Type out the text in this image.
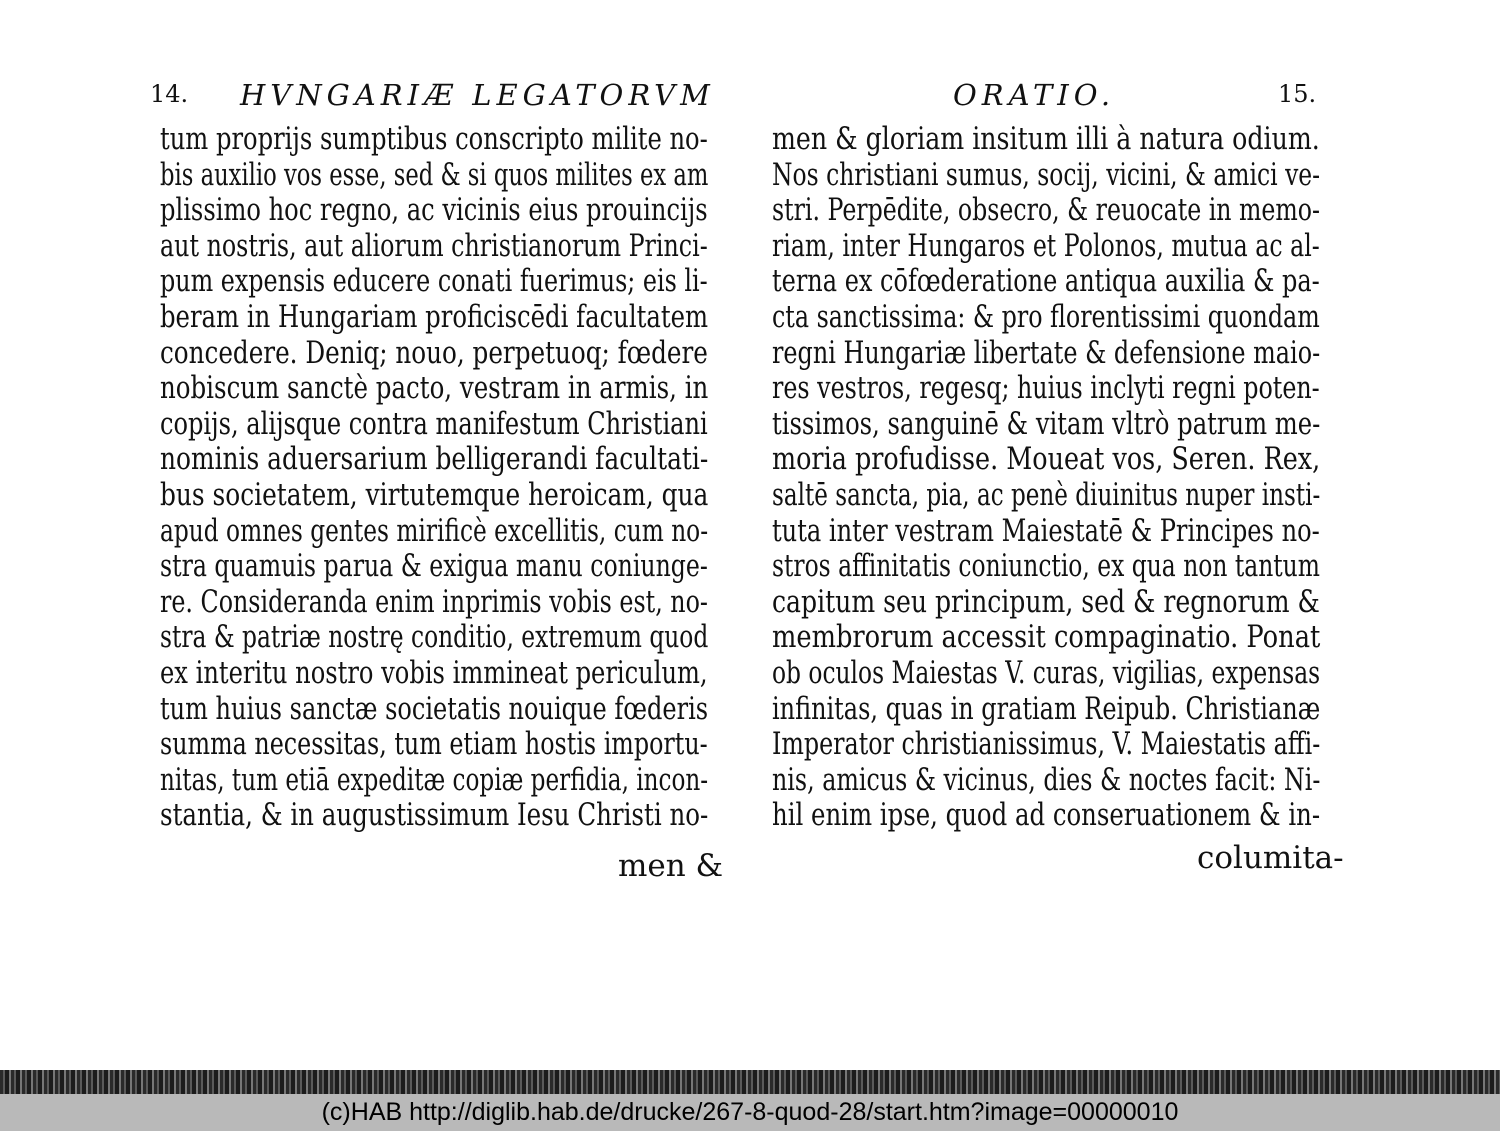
14. HVNGARIÆ LEGATORVM
tum proprijs sumptibus conscripto milite no-
bis auxilio vos esse, sed & si quos milites ex am
plissimo hoc regno, ac vicinis eius prouincijs
aut nostris, aut aliorum christianorum Princi-
pum expensis educere conati fuerimus; eis li-
beram in Hungariam proficiscēdi facultatem
concedere. Deniq; nouo, perpetuoq; fœdere
nobiscum sanctè pacto, vestram in armis, in
copijs, alijsque contra manifestum Christiani
nominis aduersarium belligerandi facultati-
bus societatem, virtutemque heroicam, qua
apud omnes gentes mirificè excellitis, cum no-
stra quamuis parua & exigua manu coniunge-
re. Considerandа enim inprimis vobis est, no-
stra & patriæ nostrę conditio, extremum quod
ex interitu nostro vobis immineat periculum,
tum huius sanctæ societatis nouique fœderis
summa necessitas, tum etiam hostis importu-
nitas, tum etiā expeditæ copiæ perfidia, incon-
stantia, & in augustissimum Iesu Christi no-
men &
ORATIO.	15.
men & gloriam insitum illi à natura odium.
Nos christiani sumus, socij, vicini, & amici ve-
stri. Perpēdite, obsecro, & reuocate in memo-
riam, inter Hungaros et Polonos, mutua ac al-
terna ex cōfœderatione antiqua auxilia & pa-
cta sanctissima: & pro florentissimi quondam
regni Hungariæ libertate & defensione maio-
res vestros, regesq; huius inclyti regni poten-
tissimos, sanguinē & vitam vltrò patrum me-
moria profudisse. Moueat vos, Seren. Rex,
saltē sancta, pia, ac penè diuinitus nuper insti-
tuta inter vestram Maiestatē & Principes no-
stros affinitatis coniunctio, ex qua non tantum
capitum seu principum, sed & regnorum &
membrorum accessit compaginatio. Ponat
ob oculos Maiestas V. curas, vigilias, expensas
infinitas, quas in gratiam Reipub. Christianæ
Imperator christianissimus, V. Maiestatis affi-
nis, amicus & vicinus, dies & noctes facit: Ni-
hil enim ipse, quod ad conseruationem & in-
columita-
(c)HAB http://diglib.hab.de/drucke/267-8-quod-28/start.htm?image=00000010
